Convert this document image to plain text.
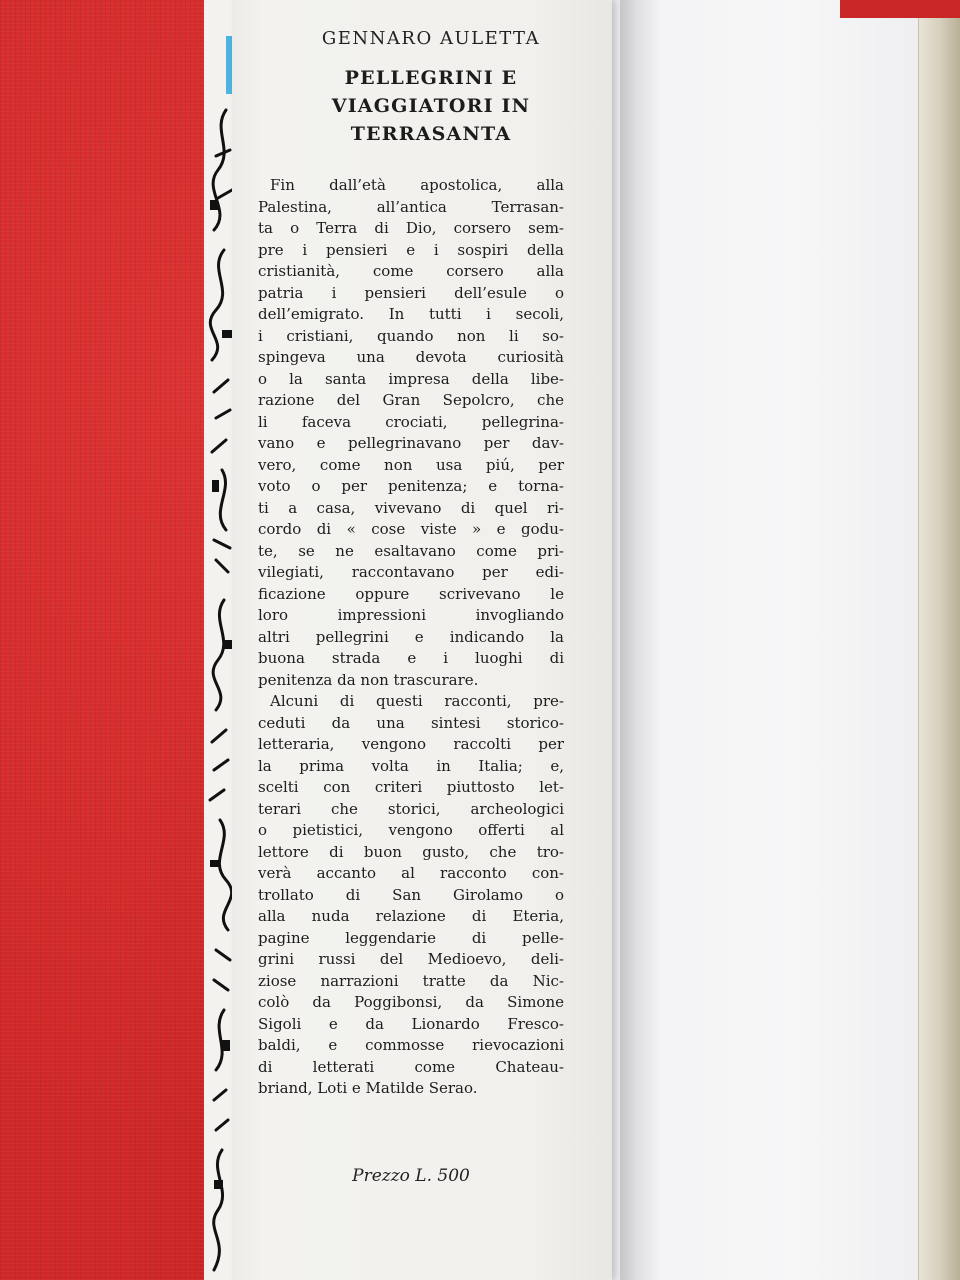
GENNARO AULETTA
PELLEGRINI E
VIAGGIATORI IN
TERRASANTA
Fin dall’età apostolica, alla
Palestina, all’antica Terrasan-
ta o Terra di Dio, corsero sem-
pre i pensieri e i sospiri della
cristianità, come corsero alla
patria i pensieri dell’esule o
dell’emigrato. In tutti i secoli,
i cristiani, quando non li so-
spingeva una devota curiosità
o la santa impresa della libe-
razione del Gran Sepolcro, che
li faceva crociati, pellegrina-
vano e pellegrinavano per dav-
vero, come non usa piú, per
voto o per penitenza; e torna-
ti a casa, vivevano di quel ri-
cordo di « cose viste » e godu-
te, se ne esaltavano come pri-
vilegiati, raccontavano per edi-
ficazione oppure scrivevano le
loro impressioni invogliando
altri pellegrini e indicando la
buona strada e i luoghi di
penitenza da non trascurare.
Alcuni di questi racconti, pre-
ceduti da una sintesi storico-
letteraria, vengono raccolti per
la prima volta in Italia; e,
scelti con criteri piuttosto let-
terari che storici, archeologici
o pietistici, vengono offerti al
lettore di buon gusto, che tro-
verà accanto al racconto con-
trollato di San Girolamo o
alla nuda relazione di Eteria,
pagine leggendarie di pelle-
grini russi del Medioevo, deli-
ziose narrazioni tratte da Nic-
colò da Poggibonsi, da Simone
Sigoli e da Lionardo Fresco-
baldi, e commosse rievocazioni
di letterati come Chateau-
briand, Loti e Matilde Serao.
Prezzo L. 500
